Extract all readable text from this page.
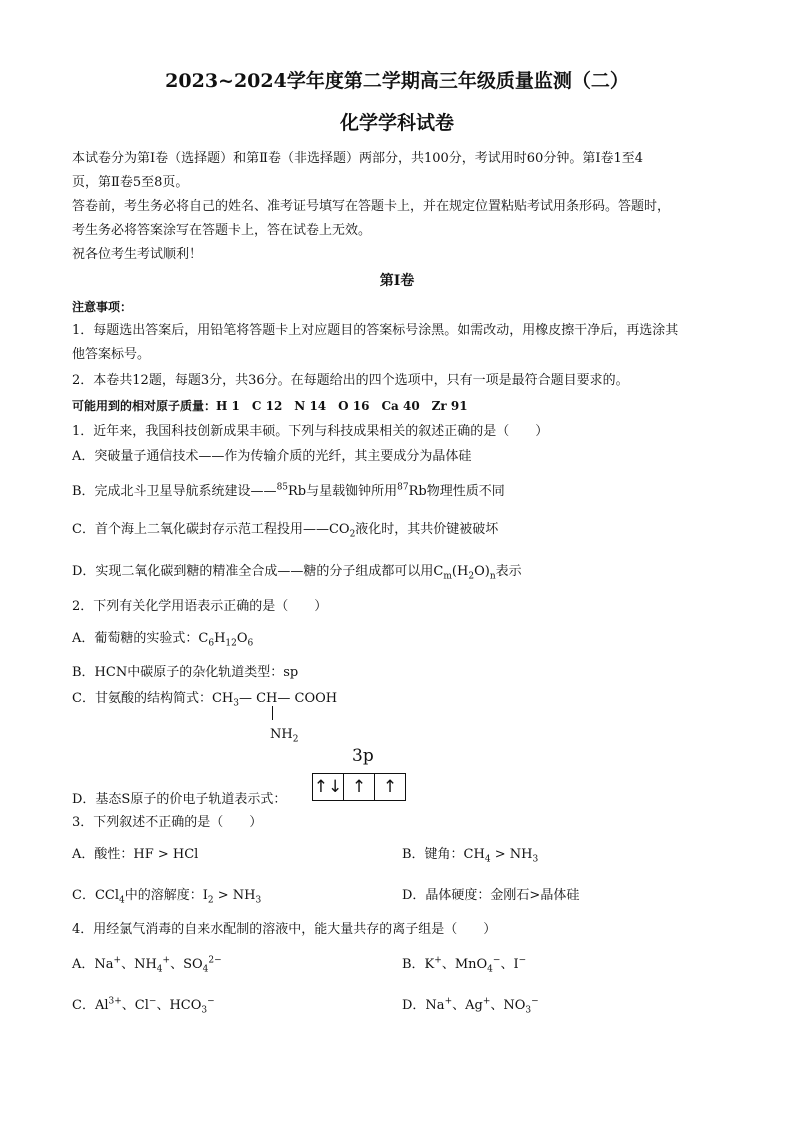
2023~2024学年度第二学期高三年级质量监测（二）
化学学科试卷
本试卷分为第Ⅰ卷（选择题）和第Ⅱ卷（非选择题）两部分，共100分，考试用时60分钟。第Ⅰ卷1至4
页，第Ⅱ卷5至8页。
答卷前，考生务必将自己的姓名、准考证号填写在答题卡上，并在规定位置粘贴考试用条形码。答题时，
考生务必将答案涂写在答题卡上，答在试卷上无效。
祝各位考生考试顺利！
第Ⅰ卷
注意事项：
1．每题选出答案后，用铅笔将答题卡上对应题目的答案标号涂黑。如需改动，用橡皮擦干净后，再选涂其
他答案标号。
2．本卷共12题，每题3分，共36分。在每题给出的四个选项中，只有一项是最符合题目要求的。
可能用到的相对原子质量：H 1　C 12　N 14　O 16　Ca 40　Zr 91
1．近年来，我国科技创新成果丰硕。下列与科技成果相关的叙述正确的是（　　）
A．突破量子通信技术——作为传输介质的光纤，其主要成分为晶体硅
B．完成北斗卫星导航系统建设——$^{85}$Rb与星载铷钟所用$^{87}$Rb物理性质不同
C．首个海上二氧化碳封存示范工程投用$——CO_2$液化时，其共价键被破坏
D．实现二氧化碳到糖的精准全合成——糖的分子组成都可以用$C_m(H_2O)_n$表示
2．下列有关化学用语表示正确的是（　　）
A．葡萄糖的实验式：$C_6H_{12}O_6$
B．HCN中碳原子的杂化轨道类型：sp
C．甘氨酸的结构简式：$CH_3—$ CH— COOH
$NH_2$
3p
↑↓ ↑ ↑
D．基态S原子的价电子轨道表示式：
3．下列叙述不正确的是（　　）
A．酸性：HF > HCl	B．键角：$CH_4 > NH_3$
C．CCl$_4$中的溶解度：$I_2 > NH_3$	D．晶体硬度：金刚石>晶体硅
4．用经氯气消毒的自来水配制的溶液中，能大量共存的离子组是（　　）
A．Na+、$NH_4^+$、$SO_4^{2-}$	B．K+、MnO$_4$−、I−
C．$Al^{3+}$、Cl−、$HCO_3^-$	D．Na+、Ag+、$NO_3^-$
